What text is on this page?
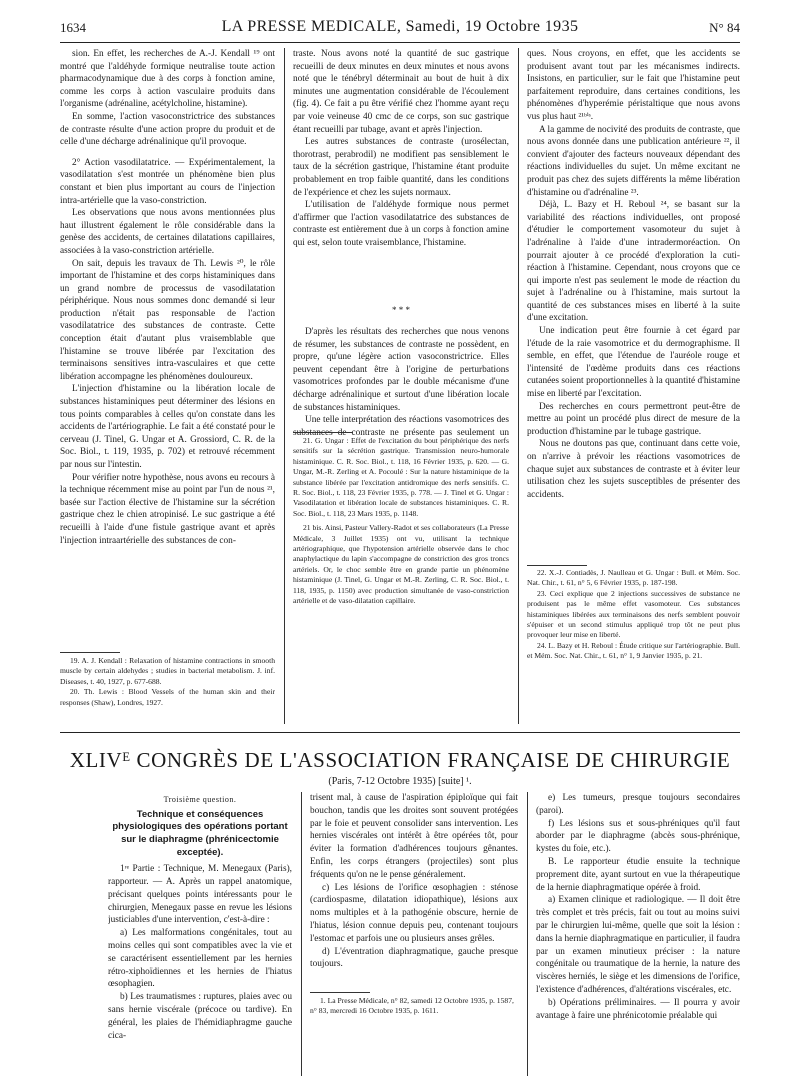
1634	LA PRESSE MEDICALE, Samedi, 19 Octobre 1935	N° 84

sion. En effet, les recherches de A.-J. Kendall ¹⁹ ont montré que l'aldéhyde formique neutralise toute action pharmacodynamique due à des corps à fonction amine, comme les corps à action vasculaire produits dans l'organisme (adrénaline, acétylcholine, histamine).

En somme, l'action vasoconstrictrice des substances de contraste résulte d'une action propre du produit et de celle d'une décharge adrénalinique qu'il provoque.

2° Action vasodilatatrice. — Expérimentalement, la vasodilatation s'est montrée un phénomène bien plus constant et bien plus important au cours de l'injection intra-artérielle que la vaso-constriction.

Les observations que nous avons mentionnées plus haut illustrent également le rôle considérable dans la genèse des accidents, de certaines dilatations capillaires, associées à la vaso-constriction artérielle.

On sait, depuis les travaux de Th. Lewis ²⁰, le rôle important de l'histamine et des corps histaminiques dans un grand nombre de processus de vasodilatation périphérique. Nous nous sommes donc demandé si leur production n'était pas responsable de l'action vasodilatatrice des substances de contraste. Cette conception était d'autant plus vraisemblable que l'histamine se trouve libérée par l'excitation des terminaisons sensitives intra-vasculaires et que cette libération accompagne les phénomènes douloureux.

L'injection d'histamine ou la libération locale de substances histaminiques peut déterminer des lésions en tous points comparables à celles qu'on constate dans les accidents de l'artériographie. Le fait a été constaté pour le cerveau (J. Tinel, G. Ungar et A. Grossiord, C. R. de la Soc. Biol., t. 119, 1935, p. 702) et retrouvé récemment par nous sur l'intestin.

Pour vérifier notre hypothèse, nous avons eu recours à la technique récemment mise au point par l'un de nous ²¹, basée sur l'action élective de l'histamine sur la sécrétion gastrique chez le chien atropinisé. Le suc gastrique a été recueilli à l'aide d'une fistule gastrique avant et après l'injection intraartérielle des substances de con-

19. A. J. Kendall : Relaxation of histamine contractions in smooth muscle by certain aldehydes ; studies in bacterial metabolism. J. inf. Diseases, t. 40, 1927, p. 677-688.

20. Th. Lewis : Blood Vessels of the human skin and their responses (Shaw), Londres, 1927.

traste. Nous avons noté la quantité de suc gastrique recueilli de deux minutes en deux minutes et nous avons noté que le ténébryl déterminait au bout de huit à dix minutes une augmentation considérable de l'écoulement (fig. 4). Ce fait a pu être vérifié chez l'homme ayant reçu par voie veineuse 40 cmc de ce corps, son suc gastrique étant recueilli par tubage, avant et après l'injection.

Les autres substances de contraste (urosélectan, thorotrast, perabrodil) ne modifient pas sensiblement le taux de la sécrétion gastrique, l'histamine étant produite probablement en trop faible quantité, dans les conditions de l'expérience et chez les sujets normaux.

L'utilisation de l'aldéhyde formique nous permet d'affirmer que l'action vasodilatatrice des substances de contraste est entièrement due à un corps à fonction amine qui est, selon toute vraisemblance, l'histamine.

* * *

D'après les résultats des recherches que nous venons de résumer, les substances de contraste ne possèdent, en propre, qu'une légère action vasoconstrictrice. Elles peuvent cependant être à l'origine de perturbations vasomotrices profondes par le double mécanisme d'une décharge adrénalinique et surtout d'une libération locale de substances histaminiques.

Une telle interprétation des réactions vasomotrices des substances de contraste ne présente pas seulement un

21. G. Ungar : Effet de l'excitation du bout périphérique des nerfs sensitifs sur la sécrétion gastrique. Transmission neuro-humorale histaminique. C. R. Soc. Biol., t. 118, 16 Février 1935, p. 620. — G. Ungar, M.-R. Zerling et A. Pocoulé : Sur la nature histaminique de la substance libérée par l'excitation antidromique des nerfs sensitifs. C. R. Soc. Biol., t. 118, 23 Février 1935, p. 778. — J. Tinel et G. Ungar : Vasodilatation et libération locale de substances histaminiques. C. R. Soc. Biol., t. 118, 23 Mars 1935, p. 1148.

21 bis. Ainsi, Pasteur Vallery-Radot et ses collaborateurs (La Presse Médicale, 3 Juillet 1935) ont vu, utilisant la technique artériographique, que l'hypotension artérielle observée dans le choc anaphylactique du lapin s'accompagne de constriction des gros troncs artériels. Or, le choc semble être en grande partie un phénomène histaminique (J. Tinel, G. Ungar et M.-R. Zerling, C. R. Soc. Biol., t. 118, 1935, p. 1150) avec production simultanée de vaso-constriction artérielle et de vaso-dilatation capillaire.

ques. Nous croyons, en effet, que les accidents se produisent avant tout par les mécanismes indirects. Insistons, en particulier, sur le fait que l'histamine peut parfaitement reproduire, dans certaines conditions, les phénomènes d'hyperémie péristaltique que nous avons vus plus haut ²¹ᵇⁱˢ.

A la gamme de nocivité des produits de contraste, que nous avons donnée dans une publication antérieure ²², il convient d'ajouter des facteurs nouveaux dépendant des réactions individuelles du sujet. Un même excitant ne produit pas chez des sujets différents la même libération d'histamine ou d'adrénaline ²³.

Déjà, L. Bazy et H. Reboul ²⁴, se basant sur la variabilité des réactions individuelles, ont proposé d'étudier le comportement vasomoteur du sujet à l'adrénaline à l'aide d'une intradermoréaction. On pourrait ajouter à ce procédé d'exploration la cuti-réaction à l'histamine. Cependant, nous croyons que ce qui importe n'est pas seulement le mode de réaction du sujet à l'adrénaline ou à l'histamine, mais surtout la quantité de ces substances mises en liberté à la suite d'une excitation.

Une indication peut être fournie à cet égard par l'étude de la raie vasomotrice et du dermographisme. Il semble, en effet, que l'étendue de l'auréole rouge et l'intensité de l'œdème produits dans ces réactions cutanées soient proportionnelles à la quantité d'histamine mise en liberté par l'excitation.

Des recherches en cours permettront peut-être de mettre au point un procédé plus direct de mesure de la production d'histamine par le tubage gastrique.

Nous ne doutons pas que, continuant dans cette voie, on n'arrive à prévoir les réactions vasomotrices de chaque sujet aux substances de contraste et à éviter leur utilisation chez les sujets susceptibles de présenter des accidents.

22. X.-J. Contiadès, J. Naulleau et G. Ungar : Bull. et Mém. Soc. Nat. Chir., t. 61, n° 5, 6 Février 1935, p. 187-198.

23. Ceci explique que 2 injections successives de substance ne produisent pas le même effet vasomoteur. Ces substances histaminiques libérées aux terminaisons des nerfs semblent pouvoir s'épuiser et un second stimulus appliqué trop tôt ne peut plus provoquer leur mise en liberté.

24. L. Bazy et H. Reboul : Étude critique sur l'artériographie. Bull. et Mém. Soc. Nat. Chir., t. 61, n° 1, 9 Janvier 1935, p. 21.

XLIVᴱ CONGRÈS DE L'ASSOCIATION FRANÇAISE DE CHIRURGIE
(Paris, 7-12 Octobre 1935) [suite] ¹.

Troisième question.

Technique et conséquences physiologiques des opérations portant sur le diaphragme (phrénicectomie exceptée).

1ʳᵉ Partie : Technique, M. Menegaux (Paris), rapporteur. — A. Après un rappel anatomique, précisant quelques points intéressants pour le chirurgien, Menegaux passe en revue les lésions justiciables d'une intervention, c'est-à-dire :

a) Les malformations congénitales, tout au moins celles qui sont compatibles avec la vie et se caractérisent essentiellement par les hernies rétro-xiphoïdiennes et les hernies de l'hiatus œsophagien.

b) Les traumatismes : ruptures, plaies avec ou sans hernie viscérale (précoce ou tardive). En général, les plaies de l'hémidiaphragme gauche cica-

trisent mal, à cause de l'aspiration épiploïque qui fait bouchon, tandis que les droites sont souvent protégées par le foie et peuvent consolider sans intervention. Les hernies viscérales ont intérêt à être opérées tôt, pour éviter la formation d'adhérences toujours gênantes. Enfin, les corps étrangers (projectiles) sont plus fréquents qu'on ne le pense généralement.

c) Les lésions de l'orifice œsophagien : sténose (cardiospasme, dilatation idiopathique), lésions aux noms multiples et à la pathogénie obscure, hernie de l'hiatus, lésion connue depuis peu, contenant toujours l'estomac et parfois une ou plusieurs anses grêles.

d) L'éventration diaphragmatique, gauche presque toujours.

1. La Presse Médicale, n° 82, samedi 12 Octobre 1935, p. 1587, n° 83, mercredi 16 Octobre 1935, p. 1611.

e) Les tumeurs, presque toujours secondaires (paroi).

f) Les lésions sus et sous-phréniques qu'il faut aborder par le diaphragme (abcès sous-phrénique, kystes du foie, etc.).

B. Le rapporteur étudie ensuite la technique proprement dite, ayant surtout en vue la thérapeutique de la hernie diaphragmatique opérée à froid.

a) Examen clinique et radiologique. — Il doit être très complet et très précis, fait ou tout au moins suivi par le chirurgien lui-même, quelle que soit la lésion : dans la hernie diaphragmatique en particulier, il faudra par un examen minutieux préciser : la nature congénitale ou traumatique de la hernie, la nature des viscères herniés, le siège et les dimensions de l'orifice, l'existence d'adhérences, d'altérations viscérales, etc.

b) Opérations préliminaires. — Il pourra y avoir avantage à faire une phrénicotomie préalable qui
